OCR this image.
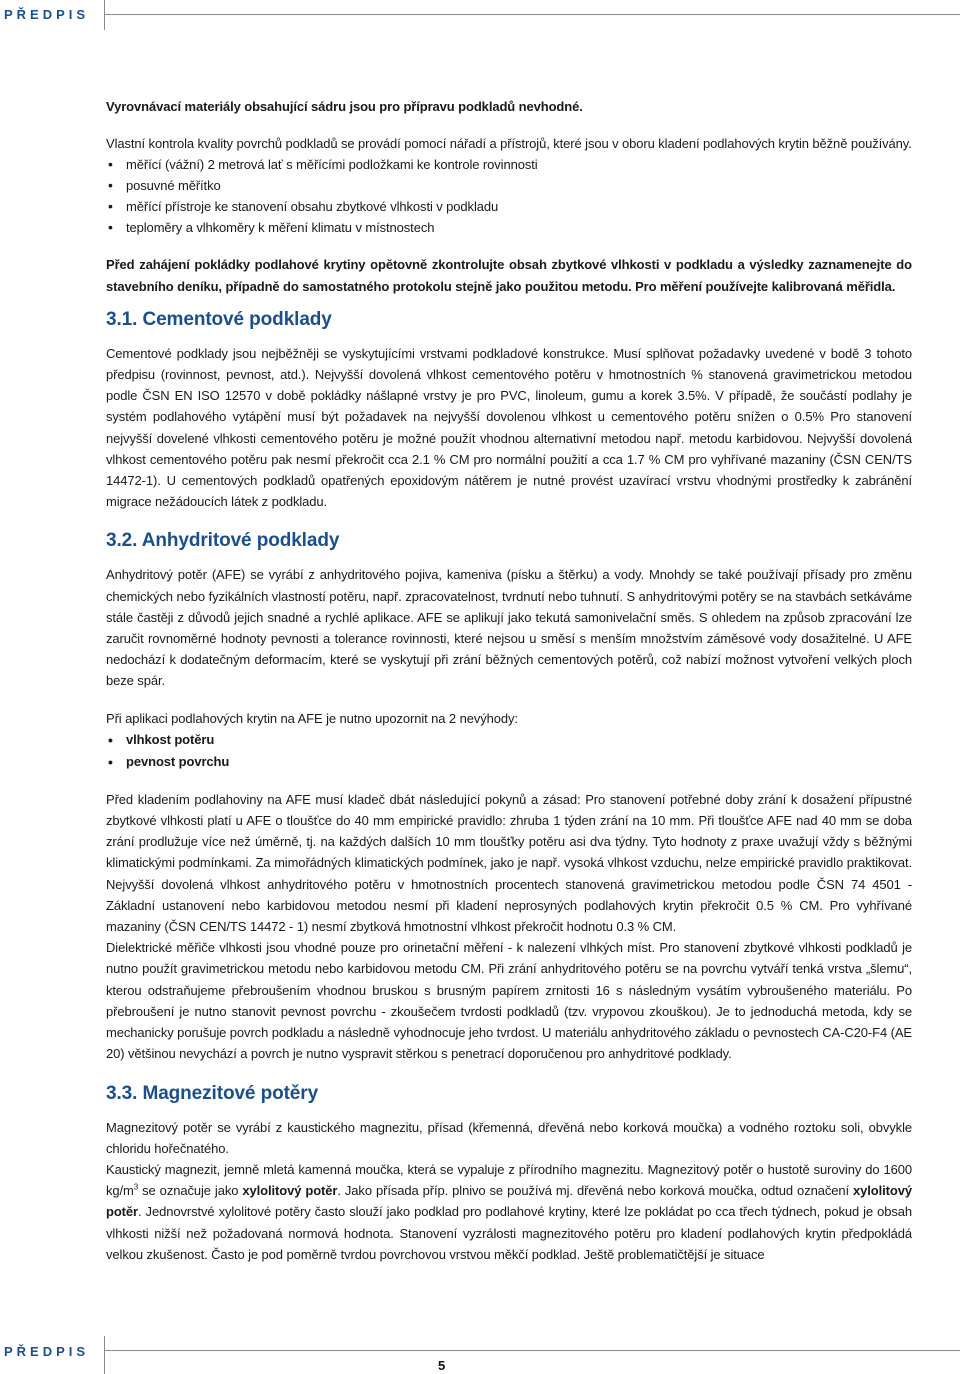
PŘEDPIS

Vyrovnávací materiály obsahující sádru jsou pro přípravu podkladů nevhodné.

Vlastní kontrola kvality povrchů podkladů se provádí pomocí nářadí a přístrojů, které jsou v oboru kladení podlahových krytin běžně používány.

• měřící (vážní) 2 metrová lať s měřícími podložkami ke kontrole rovinnosti
• posuvné měřítko
• měřící přístroje ke stanovení obsahu zbytkové vlhkosti v podkladu
• teploměry a vlhkoměry k měření klimatu v místnostech

Před zahájení pokládky podlahové krytiny opětovně zkontrolujte obsah zbytkové vlhkosti v podkladu a výsledky zaznamenejte do stavebního deníku, případně do samostatného protokolu stejně jako použitou metodu. Pro měření používejte kalibrovaná měřidla.

3.1. Cementové podklady

Cementové podklady jsou nejběžněji se vyskytujícími vrstvami podkladové konstrukce. Musí splňovat požadavky uvedené v bodě 3 tohoto předpisu (rovinnost, pevnost, atd.). Nejvyšší dovolená vlhkost cementového potěru v hmotnostních % stanovená gravimetrickou metodou podle ČSN EN ISO 12570 v době pokládky nášlapné vrstvy je pro PVC, linoleum, gumu a korek 3.5%. V případě, že součástí podlahy je systém podlahového vytápění musí být požadavek na nejvyšší dovolenou vlhkost u cementového potěru snížen o 0.5% Pro stanovení nejvyšší dovelené vlhkosti cementového potěru je možné použít vhodnou alternativní metodou např. metodu karbidovou. Nejvyšší dovolená vlhkost cementového potěru pak nesmí překročit cca 2.1 % CM pro normální použití a cca 1.7 % CM pro vyhřívané mazaniny (ČSN CEN/TS 14472-1). U cementových podkladů opatřených epoxidovým nátěrem je nutné provést uzavírací vrstvu vhodnými prostředky k zabránění migrace nežádoucích látek z podkladu.

3.2. Anhydritové podklady

Anhydritový potěr (AFE) se vyrábí z anhydritového pojiva, kameniva (písku a štěrku) a vody. Mnohdy se také používají přísady pro změnu chemických nebo fyzikálních vlastností potěru, např. zpracovatelnost, tvrdnutí nebo tuhnutí. S anhydritovými potěry se na stavbách setkáváme stále častěji z důvodů jejich snadné a rychlé aplikace. AFE se aplikují jako tekutá samonivelační směs. S ohledem na způsob zpracování lze zaručit rovnoměrné hodnoty pevnosti a tolerance rovinnosti, které nejsou u směsí s menším množstvím záměsové vody dosažitelné. U AFE nedochází k dodatečným deformacím, které se vyskytují při zrání běžných cementových potěrů, což nabízí možnost vytvoření velkých ploch beze spár.

Při aplikaci podlahových krytin na AFE je nutno upozornit na 2 nevýhody:

• vlhkost potěru
• pevnost povrchu

Před kladením podlahoviny na AFE musí kladeč dbát následující pokynů a zásad: Pro stanovení potřebné doby zrání k dosažení přípustné zbytkové vlhkosti platí u AFE o tloušťce do 40 mm empirické pravidlo: zhruba 1 týden zrání na 10 mm. Při tloušťce AFE nad 40 mm se doba zrání prodlužuje více než úměrně, tj. na každých dalších 10 mm tloušťky potěru asi dva týdny. Tyto hodnoty z praxe uvažují vždy s běžnými klimatickými podmínkami. Za mimořádných klimatických podmínek, jako je např. vysoká vlhkost vzduchu, nelze empirické pravidlo praktikovat. Nejvyšší dovolená vlhkost anhydritového potěru v hmotnostních procentech stanovená gravimetrickou metodou podle ČSN 74 4501 - Základní ustanovení nebo karbidovou metodou nesmí při kladení neprosyných podlahových krytin překročit 0.5 % CM. Pro vyhřívané mazaniny (ČSN CEN/TS 14472 - 1) nesmí zbytková hmotnostní vlhkost překročit hodnotu 0.3 % CM.

Dielektrické měřiče vlhkosti jsou vhodné pouze pro orinetační měření - k nalezení vlhkých míst. Pro stanovení zbytkové vlhkosti podkladů je nutno použít gravimetrickou metodu nebo karbidovou metodu CM. Při zrání anhydritového potěru se na povrchu vytváří tenká vrstva „šlemu“, kterou odstraňujeme přebroušením vhodnou bruskou s brusným papírem zrnitosti 16 s následným vysátím vybroušeného materiálu. Po přebroušení je nutno stanovit pevnost povrchu - zkoušečem tvrdosti podkladů (tzv. vrypovou zkouškou). Je to jednoduchá metoda, kdy se mechanicky porušuje povrch podkladu a následně vyhodnocuje jeho tvrdost. U materiálu anhydritového základu o pevnostech CA-C20-F4 (AE 20) většinou nevychází a povrch je nutno vyspravit stěrkou s penetrací doporučenou pro anhydritové podklady.

3.3. Magnezitové potěry

Magnezitový potěr se vyrábí z kaustického magnezitu, přísad (křemenná, dřevěná nebo korková moučka) a vodného roztoku soli, obvykle chloridu hořečnatého.

Kaustický magnezit, jemně mletá kamenná moučka, která se vypaluje z přírodního magnezitu. Magnezitový potěr o hustotě suroviny do 1600 $kg/m^3$ se označuje jako xylolitový potěr. Jako přísada příp. plnivo se používá mj. dřevěná nebo korková moučka, odtud označení xylolitový potěr. Jednovrstvé xylolitové potěry často slouží jako podklad pro podlahové krytiny, které lze pokládat po cca třech týdnech, pokud je obsah vlhkosti nižší než požadovaná normová hodnota. Stanovení vyzrálosti magnezitového potěru pro kladení podlahových krytin předpokládá velkou zkušenost. Často je pod poměrně tvrdou povrchovou vrstvou měkčí podklad. Ještě problematičtější je situace

PŘEDPIS
5
